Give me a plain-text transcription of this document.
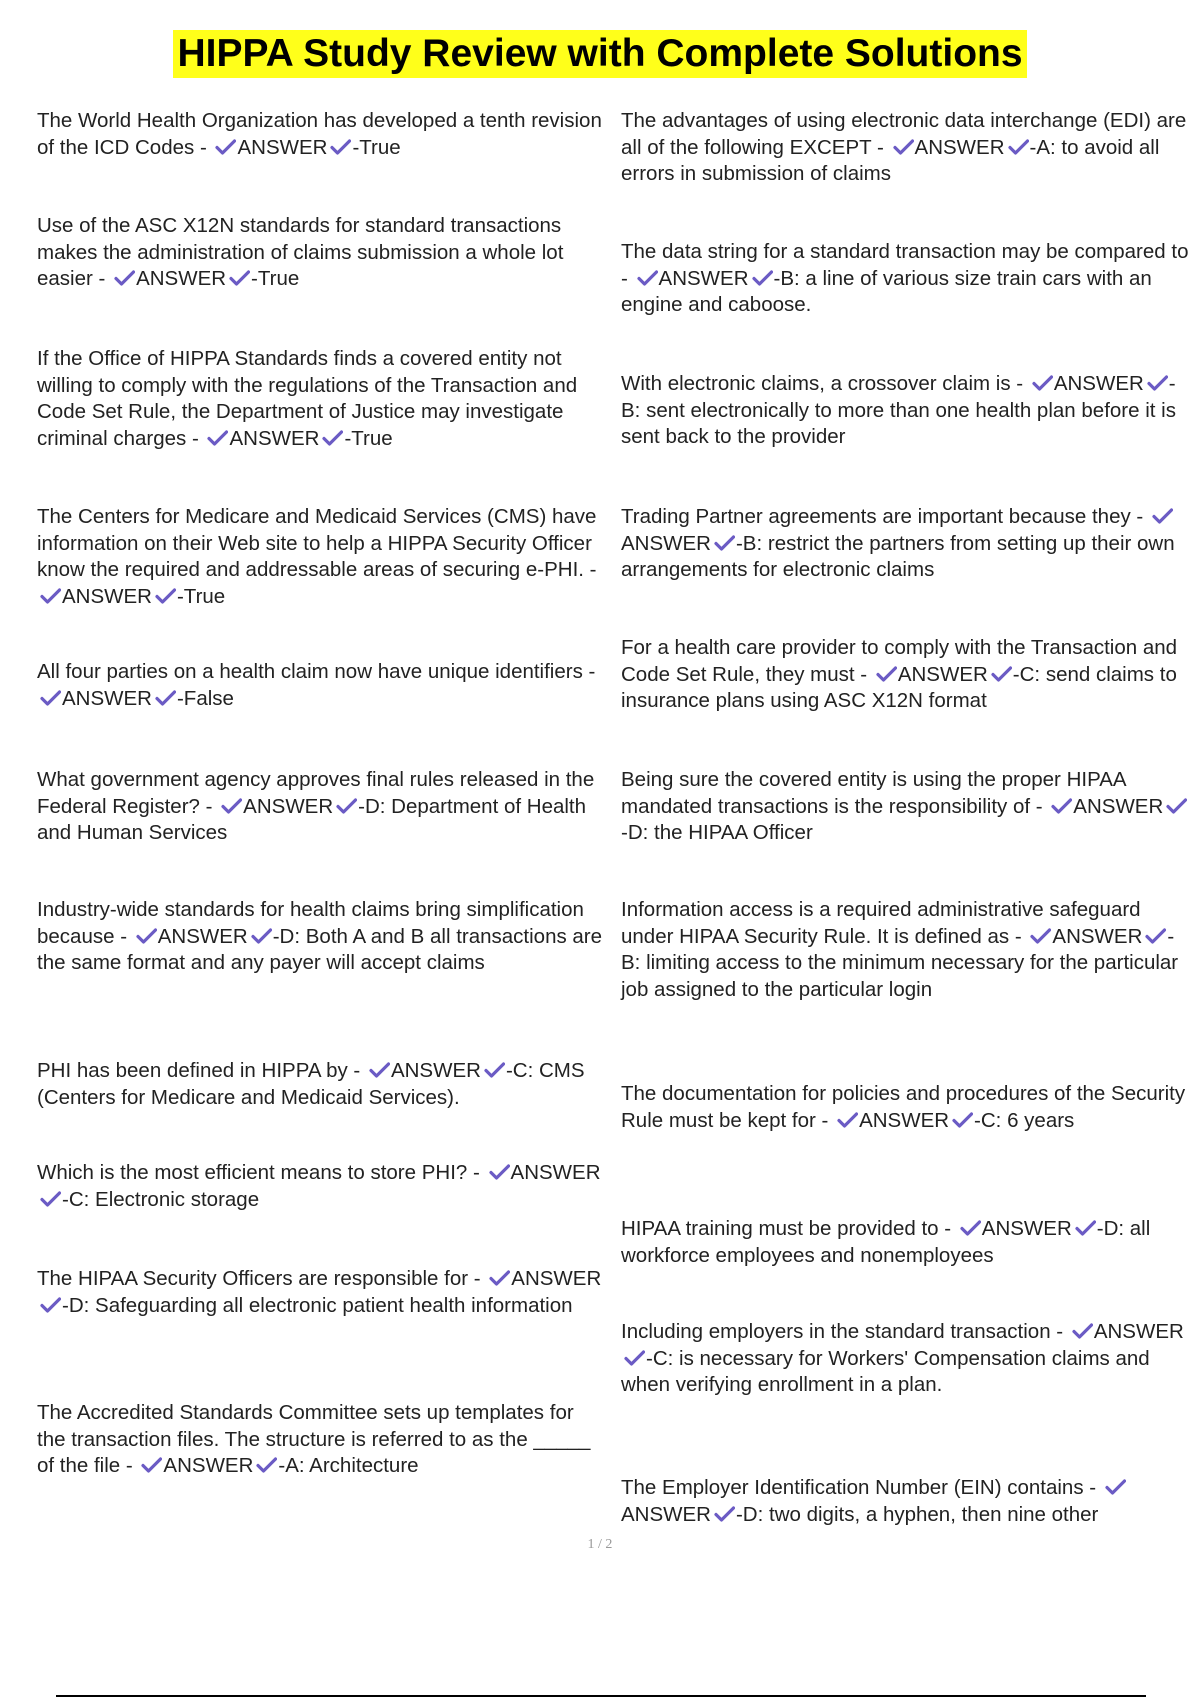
HIPPA Study Review with Complete Solutions
The World Health Organization has developed a tenth revision of the ICD Codes -
ANSWER -True
Use of the ASC X12N standards for standard transactions makes the administration of claims submission a whole lot easier -
ANSWER -True
If the Office of HIPPA Standards finds a covered entity not willing to comply with the regulations of the Transaction and Code Set Rule, the Department of Justice may investigate criminal charges -
ANSWER -True
The Centers for Medicare and Medicaid Services (CMS) have information on their Web site to help a HIPPA Security Officer know the required and addressable areas of securing e-PHI. -
ANSWER -True
All four parties on a health claim now have unique identifiers -
ANSWER -False
What government agency approves final rules released in the Federal Register? -
ANSWER -D: Department of Health and Human Services
Industry-wide standards for health claims bring simplification because -
ANSWER -D: Both A and B all transactions are the same format and any payer will accept claims
PHI has been defined in HIPPA by -
ANSWER -C: CMS (Centers for Medicare and Medicaid Services).
Which is the most efficient means to store PHI? -
ANSWER
-C: Electronic storage
The HIPAA Security Officers are responsible for -
ANSWER
-D: Safeguarding all electronic patient health information
The Accredited Standards Committee sets up templates for the transaction files. The structure is referred to as the _____ of the file -
ANSWER -A: Architecture
The advantages of using electronic data interchange (EDI) are all of the following EXCEPT -
ANSWER -A: to avoid all errors in submission of claims
The data string for a standard transaction may be compared to -
ANSWER -B: a line of various size train cars with an engine and caboose.
With electronic claims, a crossover claim is -
ANSWER -B: sent electronically to more than one health plan before it is sent back to the provider
Trading Partner agreements are important because they -
ANSWER -B: restrict the partners from setting up their own arrangements for electronic claims
For a health care provider to comply with the Transaction and Code Set Rule, they must -
ANSWER -C: send claims to insurance plans using ASC X12N format
Being sure the covered entity is using the proper HIPAA mandated transactions is the responsibility of -
ANSWER
-D: the HIPAA Officer
Information access is a required administrative safeguard under HIPAA Security Rule. It is defined as -
ANSWER -B: limiting access to the minimum necessary for the particular job assigned to the particular login
The documentation for policies and procedures of the Security Rule must be kept for -
ANSWER -C: 6 years
HIPAA training must be provided to -
ANSWER -D: all workforce employees and nonemployees
Including employers in the standard transaction -
ANSWER
-C: is necessary for Workers' Compensation claims and when verifying enrollment in a plan.
The Employer Identification Number (EIN) contains -
ANSWER -D: two digits, a hyphen, then nine other
1 / 2
